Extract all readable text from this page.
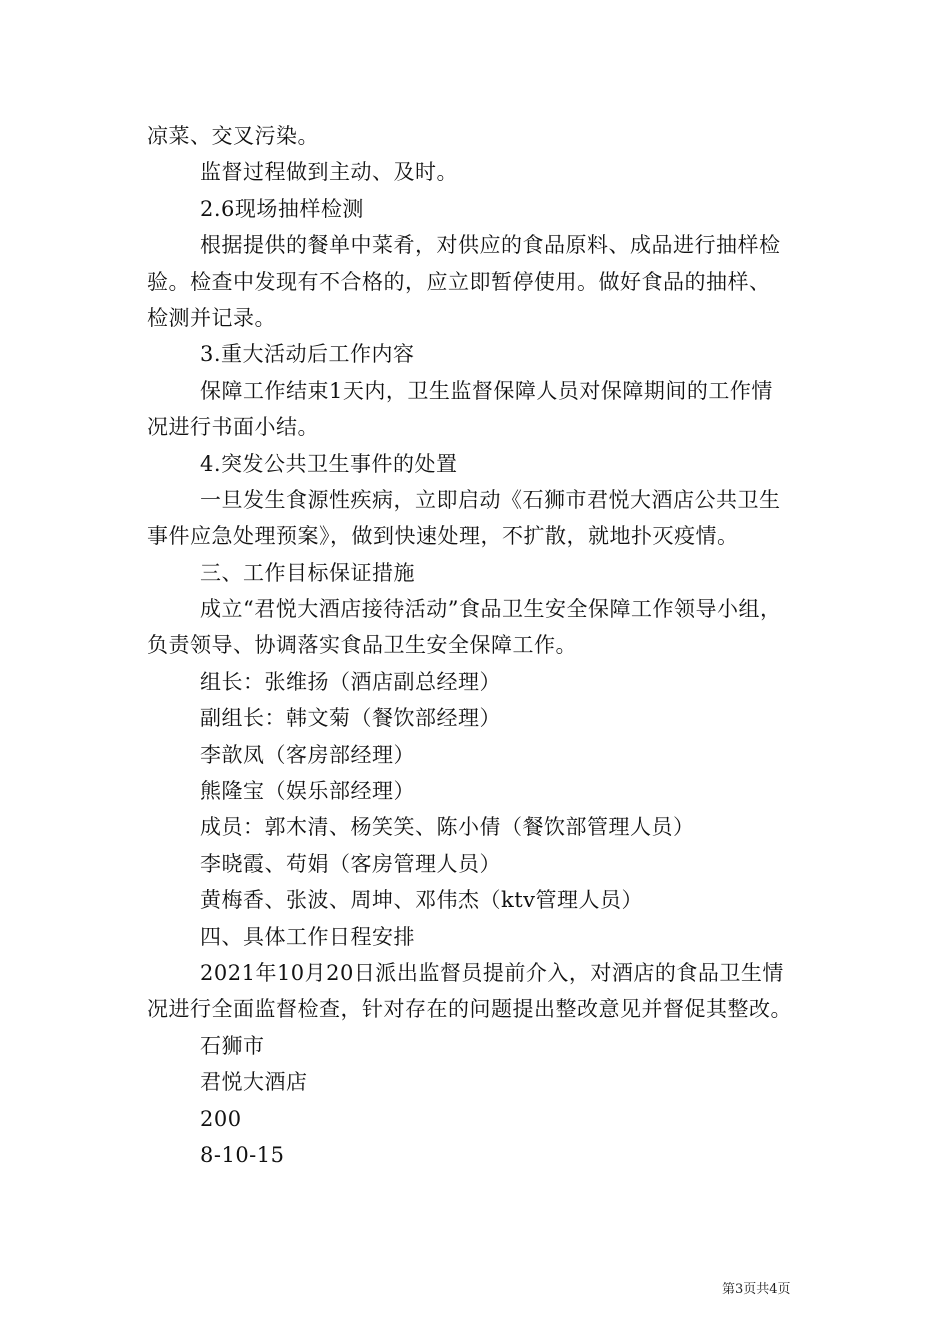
凉菜、交叉污染。
监督过程做到主动、及时。
2.6现场抽样检测
根据提供的餐单中菜肴，对供应的食品原料、成品进行抽样检
验。检查中发现有不合格的，应立即暂停使用。做好食品的抽样、
检测并记录。
3.重大活动后工作内容
保障工作结束1天内，卫生监督保障人员对保障期间的工作情
况进行书面小结。
4.突发公共卫生事件的处置
一旦发生食源性疾病，立即启动《石狮市君悦大酒店公共卫生
事件应急处理预案》，做到快速处理，不扩散，就地扑灭疫情。
三、工作目标保证措施
成立“君悦大酒店接待活动”食品卫生安全保障工作领导小组，
负责领导、协调落实食品卫生安全保障工作。
组长：张维扬（酒店副总经理）
副组长：韩文菊（餐饮部经理）
李歆凤（客房部经理）
熊隆宝（娱乐部经理）
成员：郭木清、杨笑笑、陈小倩（餐饮部管理人员）
李晓霞、苟娟（客房管理人员）
黄梅香、张波、周坤、邓伟杰（ktv管理人员）
四、具体工作日程安排
2021年10月20日派出监督员提前介入，对酒店的食品卫生情
况进行全面监督检查，针对存在的问题提出整改意见并督促其整改。
石狮市
君悦大酒店
200
8-10-15
第3页共4页
